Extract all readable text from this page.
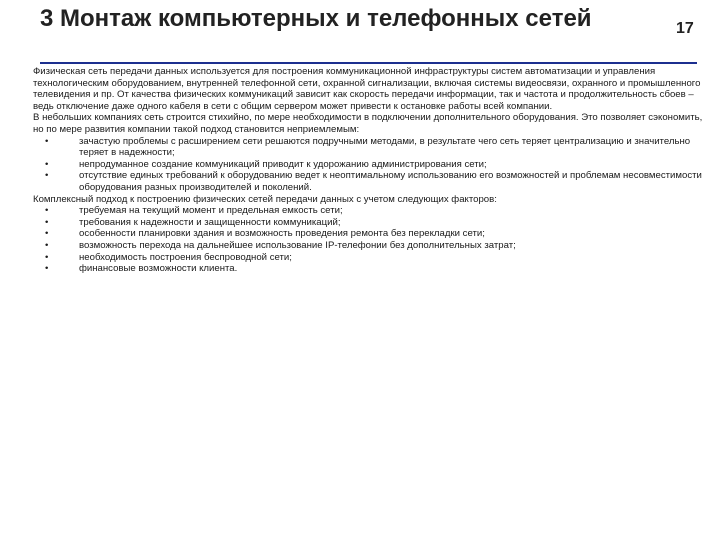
3 Монтаж компьютерных и телефонных сетей	17

Физическая сеть передачи данных используется для построения коммуникационной инфраструктуры систем автоматизации и управления технологическим оборудованием, внутренней телефонной сети, охранной сигнализации, включая системы видеосвязи, охранного и промышленного телевидения и пр. От качества физических коммуникаций зависит как скорость передачи информации, так и частота и продолжительность сбоев – ведь отключение даже одного кабеля в сети с общим сервером может привести к остановке работы всей компании.

В небольших компаниях сеть строится стихийно, по мере необходимости в подключении дополнительного оборудования. Это позволяет сэкономить, но по мере развития компании такой подход становится неприемлемым:

•	зачастую проблемы с расширением сети решаются подручными методами, в результате чего сеть теряет централизацию и значительно теряет в надежности;
•	непродуманное создание коммуникаций приводит к удорожанию администрирования сети;
•	отсутствие единых требований к оборудованию ведет к неоптимальному использованию его возможностей и проблемам несовместимости оборудования разных производителей и поколений.

Комплексный подход к построению физических сетей передачи данных с учетом следующих факторов:

•	требуемая на текущий момент и предельная емкость сети;
•	требования к надежности и защищенности коммуникаций;
•	особенности планировки здания и возможность проведения ремонта без перекладки сети;
•	возможность перехода на дальнейшее использование IP-телефонии без дополнительных затрат;
•	необходимость построения беспроводной сети;
•	финансовые возможности клиента.
